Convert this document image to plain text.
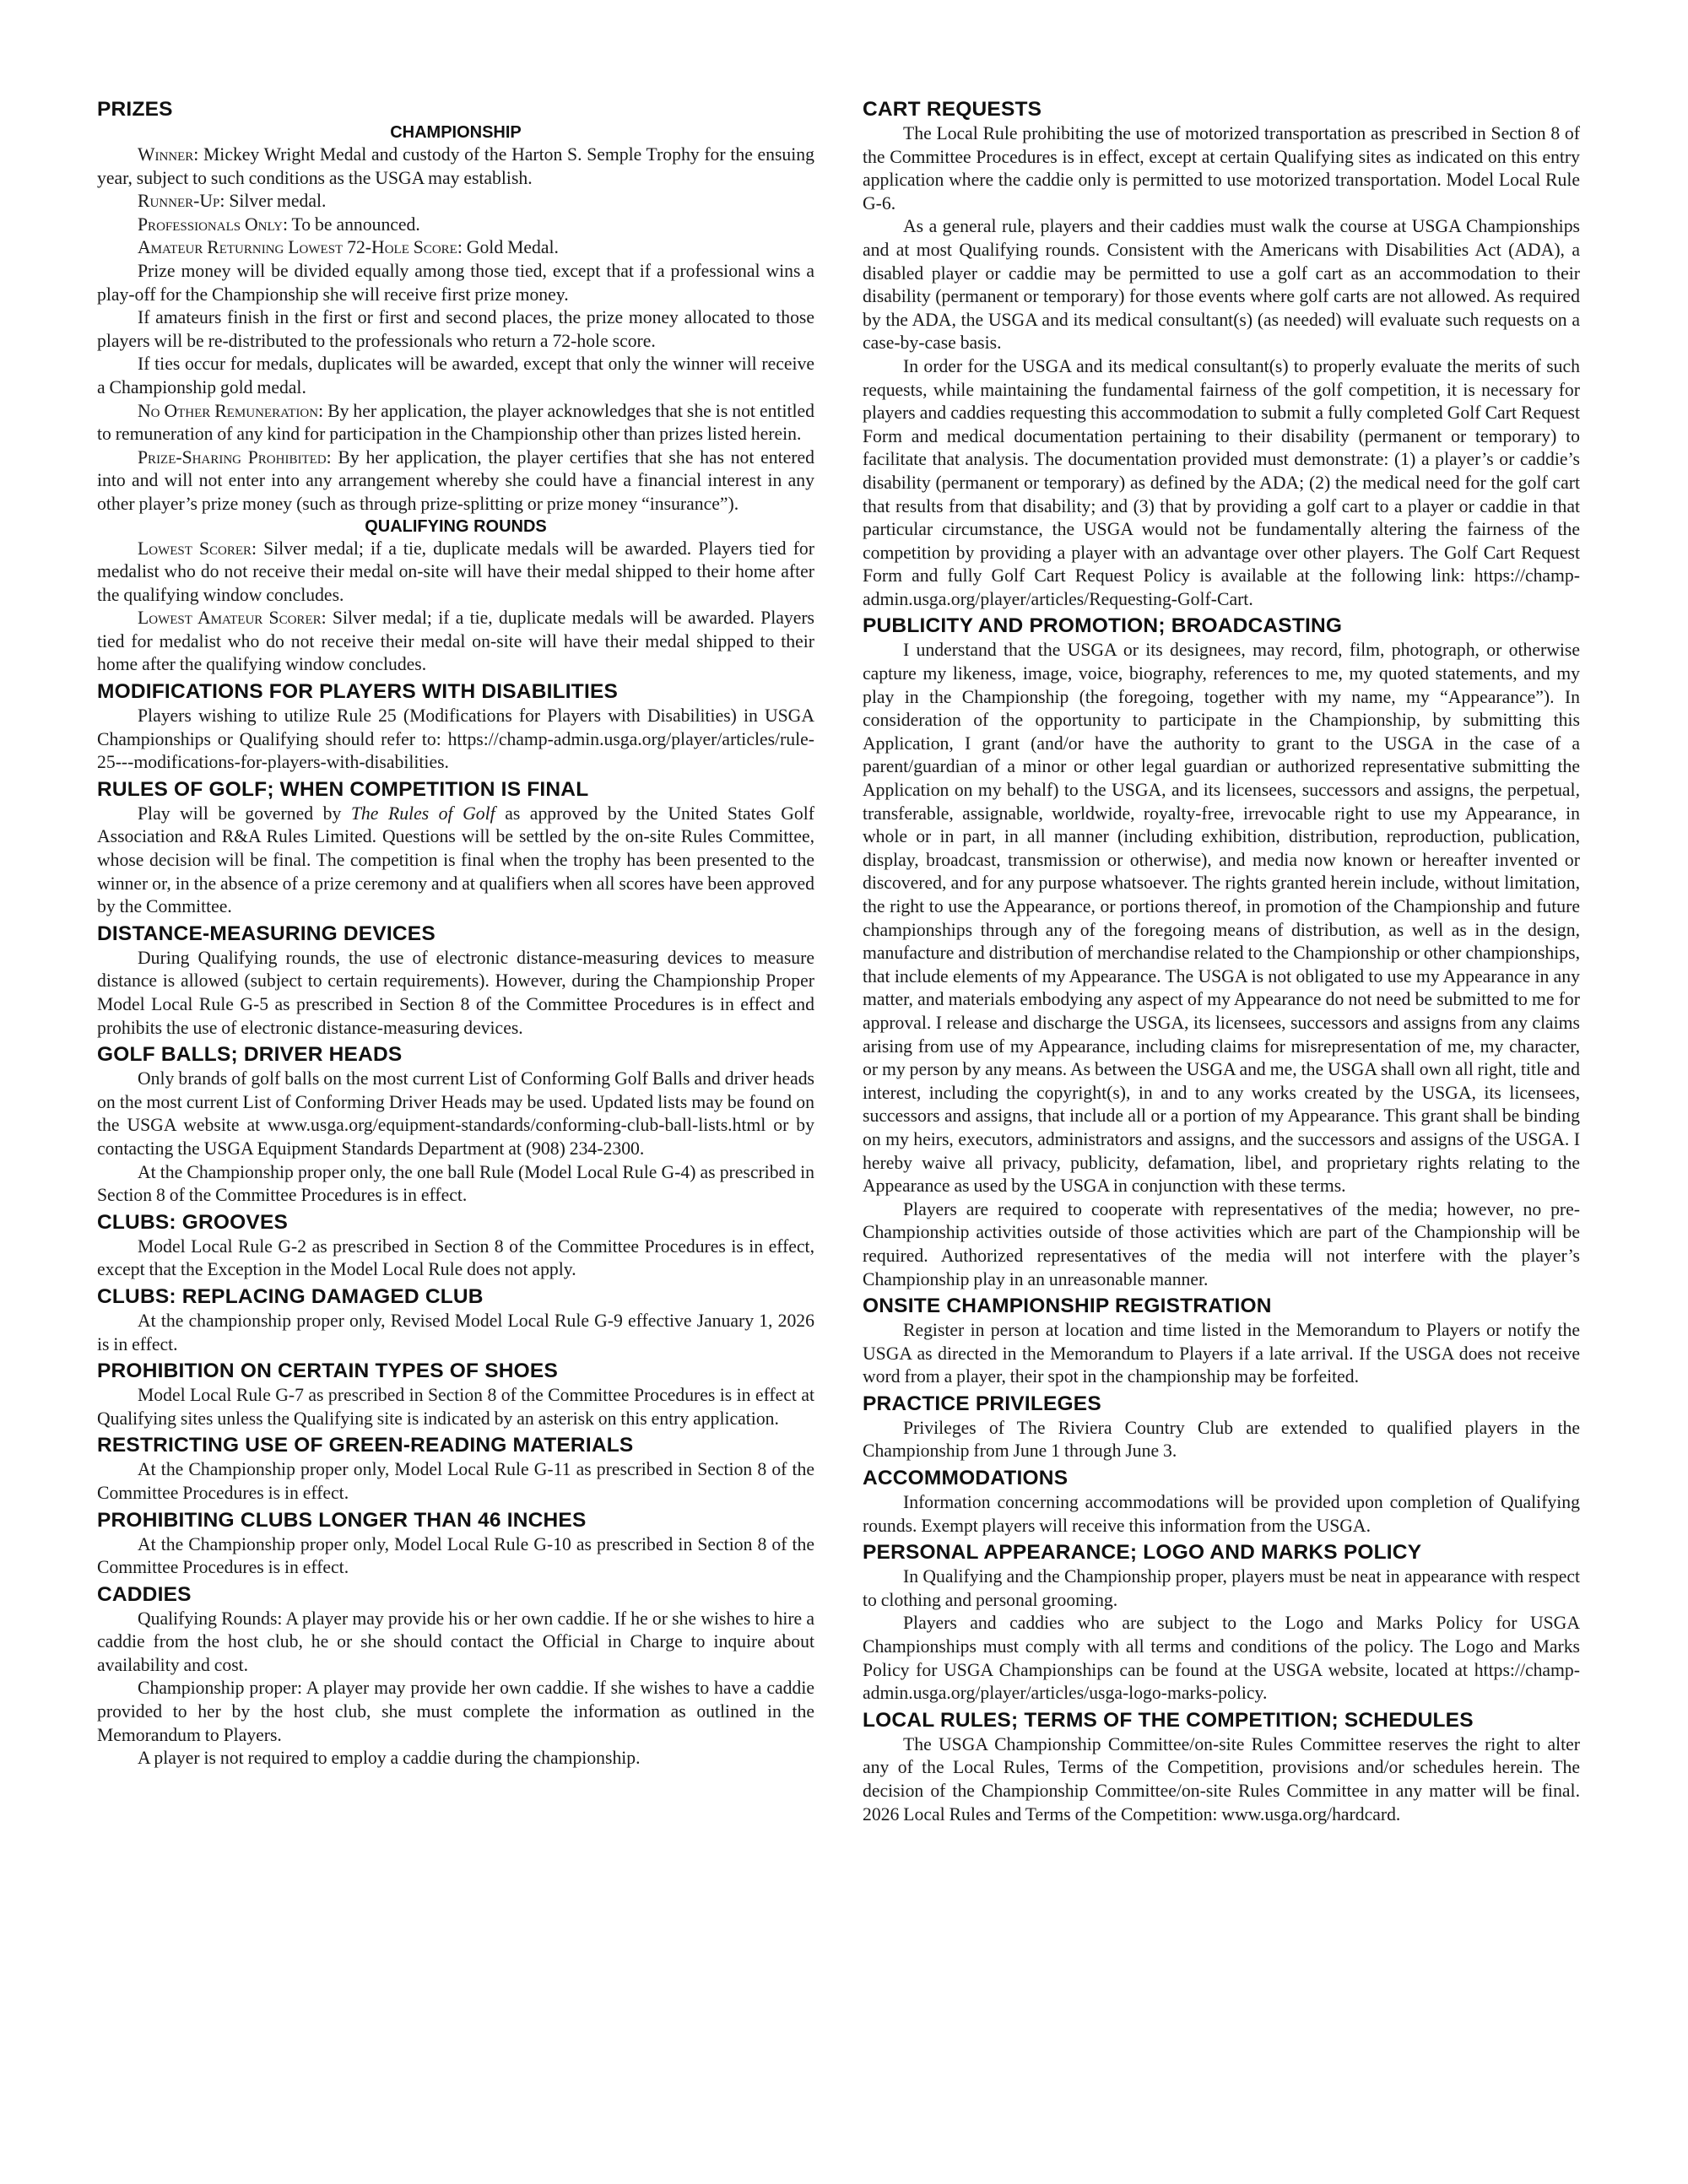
PRIZES
CHAMPIONSHIP

Winner: Mickey Wright Medal and custody of the Harton S. Semple Trophy for the ensuing year, subject to such conditions as the USGA may establish.

Runner-Up: Silver medal.

Professionals Only: To be announced.

Amateur Returning Lowest 72-Hole Score: Gold Medal.

Prize money will be divided equally among those tied, except that if a professional wins a play-off for the Championship she will receive first prize money.

If amateurs finish in the first or first and second places, the prize money allocated to those players will be re-distributed to the professionals who return a 72-hole score.

If ties occur for medals, duplicates will be awarded, except that only the winner will receive a Championship gold medal.

No Other Remuneration: By her application, the player acknowledges that she is not entitled to remuneration of any kind for participation in the Championship other than prizes listed herein.

Prize-Sharing Prohibited: By her application, the player certifies that she has not entered into and will not enter into any arrangement whereby she could have a financial interest in any other player’s prize money (such as through prize-splitting or prize money “insurance”).

QUALIFYING ROUNDS

Lowest Scorer: Silver medal; if a tie, duplicate medals will be awarded. Players tied for medalist who do not receive their medal on-site will have their medal shipped to their home after the qualifying window concludes.

Lowest Amateur Scorer: Silver medal; if a tie, duplicate medals will be awarded. Players tied for medalist who do not receive their medal on-site will have their medal shipped to their home after the qualifying window concludes.

MODIFICATIONS FOR PLAYERS WITH DISABILITIES

Players wishing to utilize Rule 25 (Modifications for Players with Disabilities) in USGA Championships or Qualifying should refer to: https://champ-admin.usga.org/player/articles/rule-25---modifications-for-players-with-disabilities.

RULES OF GOLF; WHEN COMPETITION IS FINAL

Play will be governed by The Rules of Golf as approved by the United States Golf Association and R&A Rules Limited. Questions will be settled by the on-site Rules Committee, whose decision will be final. The competition is final when the trophy has been presented to the winner or, in the absence of a prize ceremony and at qualifiers when all scores have been approved by the Committee.

DISTANCE-MEASURING DEVICES

During Qualifying rounds, the use of electronic distance-measuring devices to measure distance is allowed (subject to certain requirements). However, during the Championship Proper Model Local Rule G-5 as prescribed in Section 8 of the Committee Procedures is in effect and prohibits the use of electronic distance-measuring devices.

GOLF BALLS; DRIVER HEADS

Only brands of golf balls on the most current List of Conforming Golf Balls and driver heads on the most current List of Conforming Driver Heads may be used. Updated lists may be found on the USGA website at www.usga.org/equipment-standards/conforming-club-ball-lists.html or by contacting the USGA Equipment Standards Department at (908) 234-2300.

At the Championship proper only, the one ball Rule (Model Local Rule G-4) as prescribed in Section 8 of the Committee Procedures is in effect.

CLUBS: GROOVES

Model Local Rule G-2 as prescribed in Section 8 of the Committee Procedures is in effect, except that the Exception in the Model Local Rule does not apply.

CLUBS: REPLACING DAMAGED CLUB

At the championship proper only, Revised Model Local Rule G-9 effective January 1, 2026 is in effect.

PROHIBITION ON CERTAIN TYPES OF SHOES

Model Local Rule G-7 as prescribed in Section 8 of the Committee Procedures is in effect at Qualifying sites unless the Qualifying site is indicated by an asterisk on this entry application.

RESTRICTING USE OF GREEN-READING MATERIALS

At the Championship proper only, Model Local Rule G-11 as prescribed in Section 8 of the Committee Procedures is in effect.

PROHIBITING CLUBS LONGER THAN 46 INCHES

At the Championship proper only, Model Local Rule G-10 as prescribed in Section 8 of the Committee Procedures is in effect.

CADDIES

Qualifying Rounds: A player may provide his or her own caddie. If he or she wishes to hire a caddie from the host club, he or she should contact the Official in Charge to inquire about availability and cost.

Championship proper: A player may provide her own caddie. If she wishes to have a caddie provided to her by the host club, she must complete the information as outlined in the Memorandum to Players.

A player is not required to employ a caddie during the championship.

CART REQUESTS

The Local Rule prohibiting the use of motorized transportation as prescribed in Section 8 of the Committee Procedures is in effect, except at certain Qualifying sites as indicated on this entry application where the caddie only is permitted to use motorized transportation. Model Local Rule G-6.

As a general rule, players and their caddies must walk the course at USGA Championships and at most Qualifying rounds. Consistent with the Americans with Disabilities Act (ADA), a disabled player or caddie may be permitted to use a golf cart as an accommodation to their disability (permanent or temporary) for those events where golf carts are not allowed. As required by the ADA, the USGA and its medical consultant(s) (as needed) will evaluate such requests on a case-by-case basis.

In order for the USGA and its medical consultant(s) to properly evaluate the merits of such requests, while maintaining the fundamental fairness of the golf competition, it is necessary for players and caddies requesting this accommodation to submit a fully completed Golf Cart Request Form and medical documentation pertaining to their disability (permanent or temporary) to facilitate that analysis. The documentation provided must demonstrate: (1) a player’s or caddie’s disability (permanent or temporary) as defined by the ADA; (2) the medical need for the golf cart that results from that disability; and (3) that by providing a golf cart to a player or caddie in that particular circumstance, the USGA would not be fundamentally altering the fairness of the competition by providing a player with an advantage over other players. The Golf Cart Request Form and fully Golf Cart Request Policy is available at the following link: https://champ-admin.usga.org/player/articles/Requesting-Golf-Cart.

PUBLICITY AND PROMOTION; BROADCASTING

I understand that the USGA or its designees, may record, film, photograph, or otherwise capture my likeness, image, voice, biography, references to me, my quoted statements, and my play in the Championship (the foregoing, together with my name, my “Appearance”). In consideration of the opportunity to participate in the Championship, by submitting this Application, I grant (and/or have the authority to grant to the USGA in the case of a parent/guardian of a minor or other legal guardian or authorized representative submitting the Application on my behalf) to the USGA, and its licensees, successors and assigns, the perpetual, transferable, assignable, worldwide, royalty-free, irrevocable right to use my Appearance, in whole or in part, in all manner (including exhibition, distribution, reproduction, publication, display, broadcast, transmission or otherwise), and media now known or hereafter invented or discovered, and for any purpose whatsoever. The rights granted herein include, without limitation, the right to use the Appearance, or portions thereof, in promotion of the Championship and future championships through any of the foregoing means of distribution, as well as in the design, manufacture and distribution of merchandise related to the Championship or other championships, that include elements of my Appearance. The USGA is not obligated to use my Appearance in any matter, and materials embodying any aspect of my Appearance do not need be submitted to me for approval. I release and discharge the USGA, its licensees, successors and assigns from any claims arising from use of my Appearance, including claims for misrepresentation of me, my character, or my person by any means. As between the USGA and me, the USGA shall own all right, title and interest, including the copyright(s), in and to any works created by the USGA, its licensees, successors and assigns, that include all or a portion of my Appearance. This grant shall be binding on my heirs, executors, administrators and assigns, and the successors and assigns of the USGA. I hereby waive all privacy, publicity, defamation, libel, and proprietary rights relating to the Appearance as used by the USGA in conjunction with these terms.

Players are required to cooperate with representatives of the media; however, no pre-Championship activities outside of those activities which are part of the Championship will be required. Authorized representatives of the media will not interfere with the player’s Championship play in an unreasonable manner.

ONSITE CHAMPIONSHIP REGISTRATION

Register in person at location and time listed in the Memorandum to Players or notify the USGA as directed in the Memorandum to Players if a late arrival. If the USGA does not receive word from a player, their spot in the championship may be forfeited.

PRACTICE PRIVILEGES

Privileges of The Riviera Country Club are extended to qualified players in the Championship from June 1 through June 3.

ACCOMMODATIONS

Information concerning accommodations will be provided upon completion of Qualifying rounds. Exempt players will receive this information from the USGA.

PERSONAL APPEARANCE; LOGO AND MARKS POLICY

In Qualifying and the Championship proper, players must be neat in appearance with respect to clothing and personal grooming.

Players and caddies who are subject to the Logo and Marks Policy for USGA Championships must comply with all terms and conditions of the policy. The Logo and Marks Policy for USGA Championships can be found at the USGA website, located at https://champ-admin.usga.org/player/articles/usga-logo-marks-policy.

LOCAL RULES; TERMS OF THE COMPETITION; SCHEDULES

The USGA Championship Committee/on-site Rules Committee reserves the right to alter any of the Local Rules, Terms of the Competition, provisions and/or schedules herein. The decision of the Championship Committee/on-site Rules Committee in any matter will be final. 2026 Local Rules and Terms of the Competition: www.usga.org/hardcard.
